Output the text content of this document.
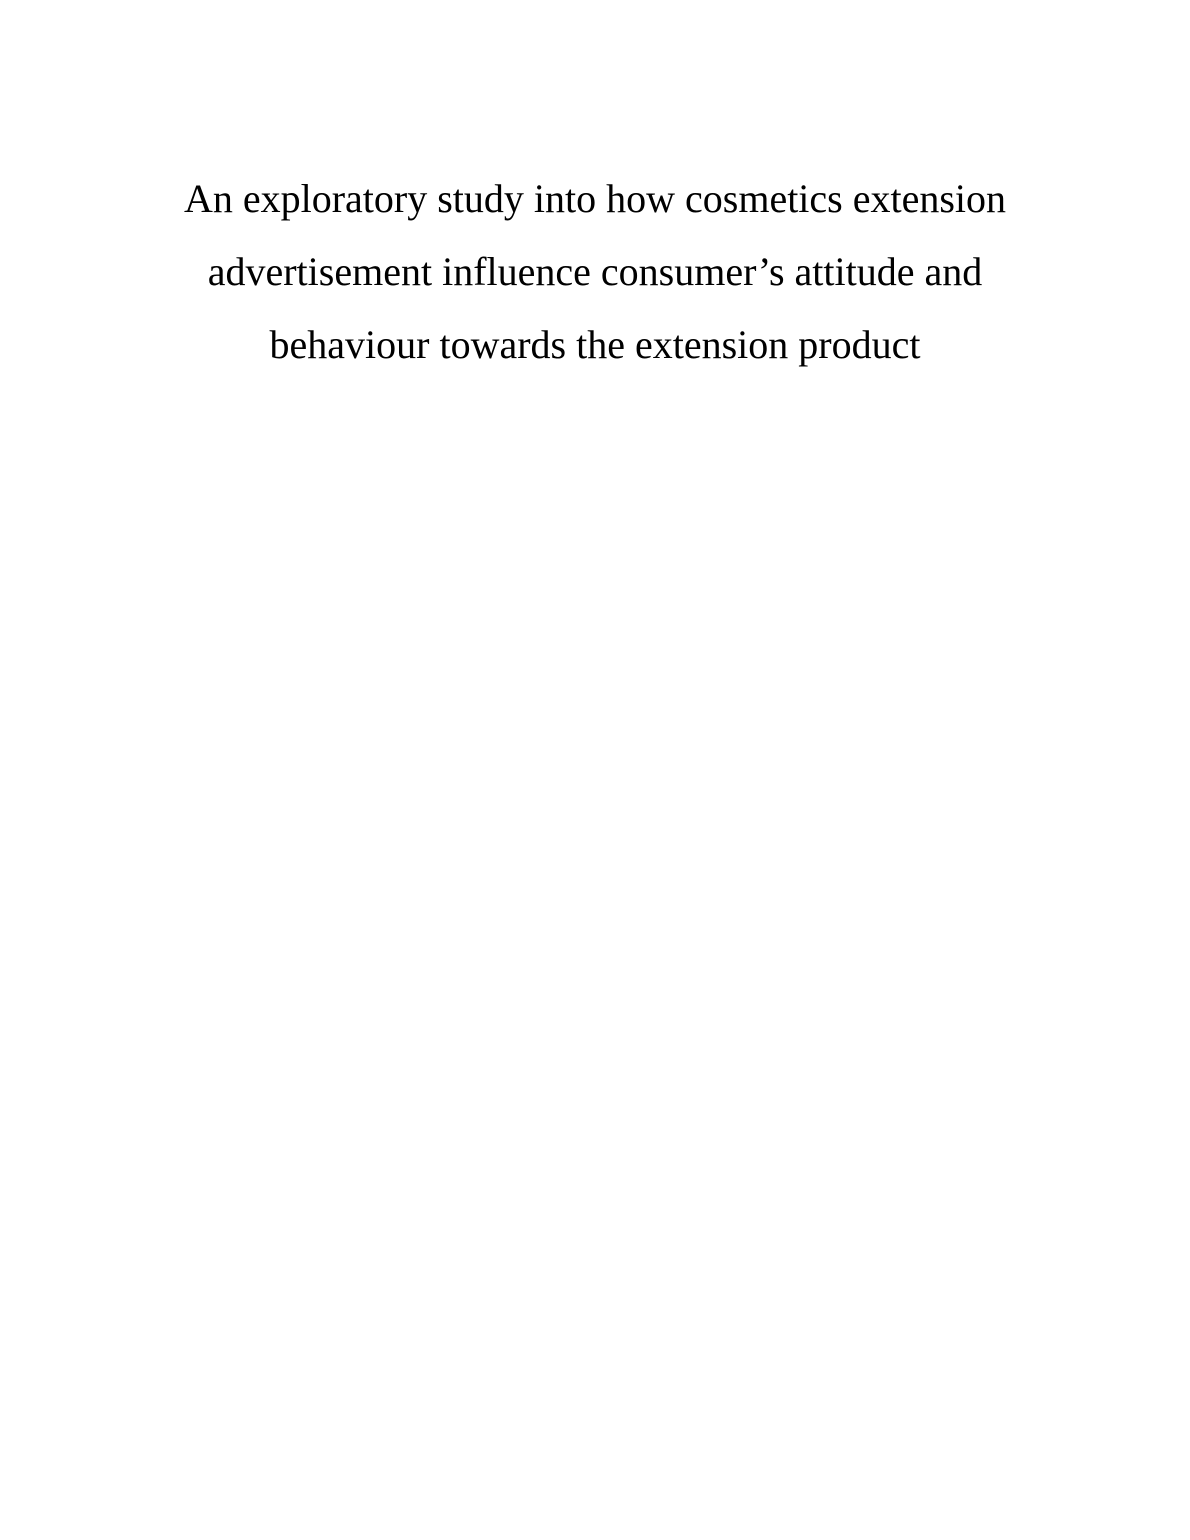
An exploratory study into how cosmetics extension
advertisement influence consumer’s attitude and
behaviour towards the extension product
